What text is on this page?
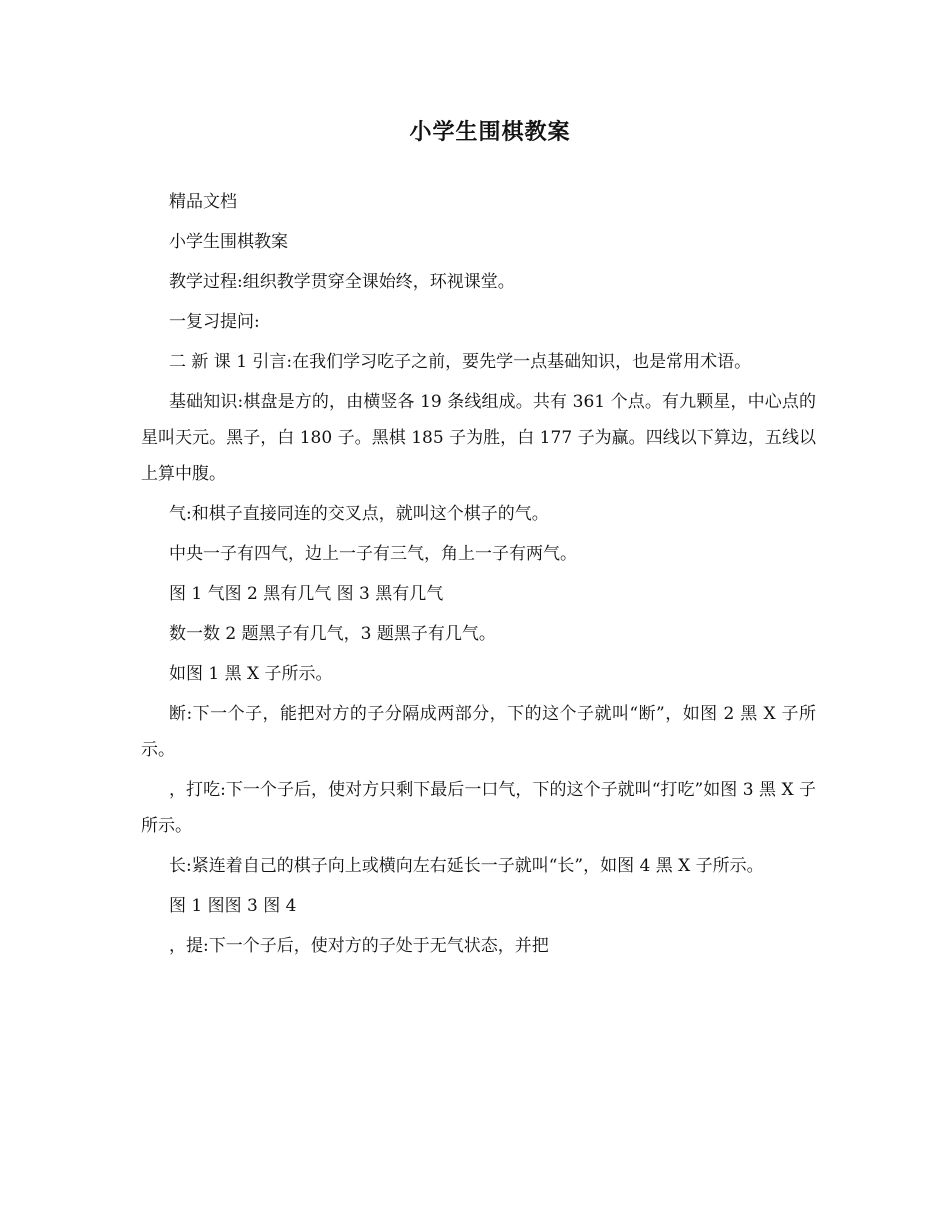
小学生围棋教案

精品文档

小学生围棋教案

教学过程:组织教学贯穿全课始终，环视课堂。

一复习提问:

二 新 课 1 引言:在我们学习吃子之前，要先学一点基础知识，也是常用术语。

基础知识:棋盘是方的，由横竖各 19 条线组成。共有 361 个点。有九颗星，中心点的星叫天元。黑子，白 180 子。黑棋 185 子为胜，白 177 子为赢。四线以下算边，五线以上算中腹。

气:和棋子直接同连的交叉点，就叫这个棋子的气。

中央一子有四气，边上一子有三气，角上一子有两气。

图 1 气图 2 黑有几气 图 3 黑有几气

数一数 2 题黑子有几气，3 题黑子有几气。

如图 1 黑 X 子所示。

断:下一个子，能把对方的子分隔成两部分，下的这个子就叫“断”，如图 2 黑 X 子所示。

，打吃:下一个子后，使对方只剩下最后一口气，下的这个子就叫“打吃”如图 3 黑 X 子所示。

长:紧连着自己的棋子向上或横向左右延长一子就叫“长”，如图 4 黑 X 子所示。

图 1 图图 3 图 4

，提:下一个子后，使对方的子处于无气状态，并把
